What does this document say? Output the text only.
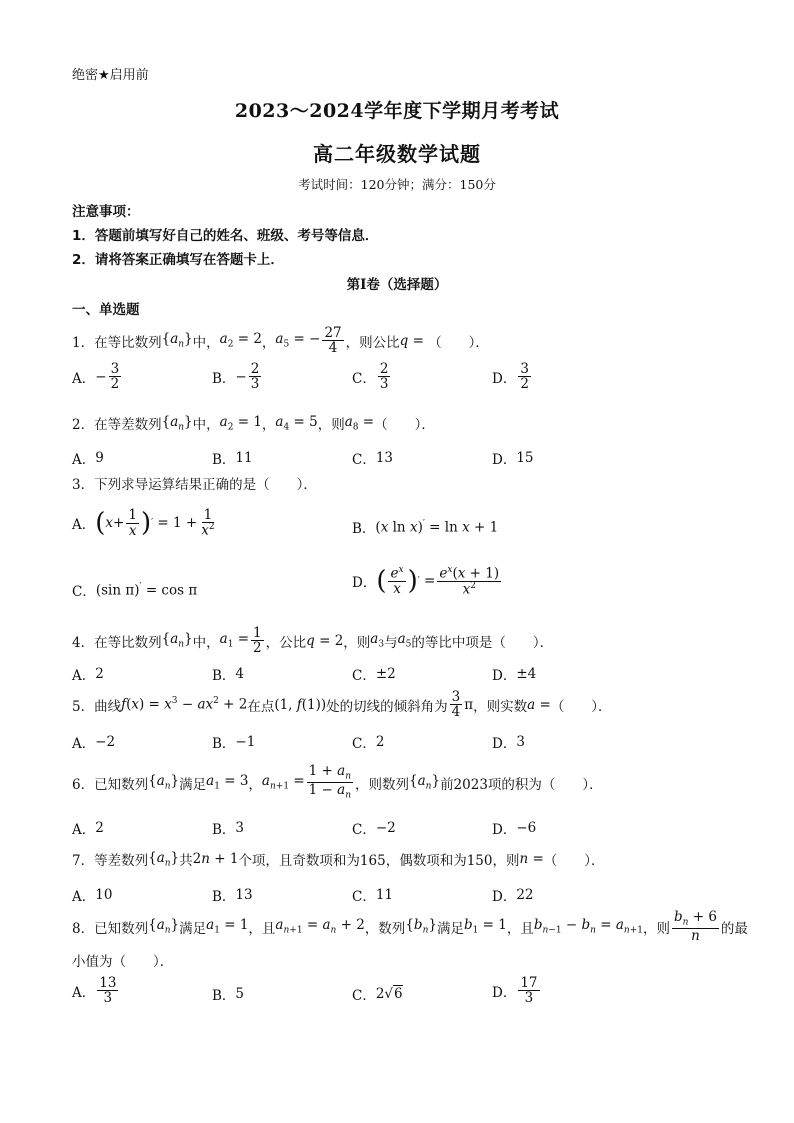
绝密★启用前
2023～2024学年度下学期月考考试
高二年级数学试题
考试时间：120分钟；满分：150分
注意事项：
1．答题前填写好自己的姓名、班级、考号等信息．
2．请将答案正确填写在答题卡上．
第Ⅰ卷（选择题）
一、单选题
1． 在等比数列 $\{a_n\}$ 中， $a_2 = 2$ ， $a_5$ = − $\frac{27}{4}$ ，则公比 q = （　　）．
A． − $\frac{3}{2}$	B． − $\frac{2}{3}$	C． $\frac{2}{3}$	D． $\frac{3}{2}$
2． 在等差数列 $\{a_n\}$ 中， $a_2 = 1$ ， $a_4 = 5$ ，则 $a_8$ = （　　）．
A． 9	B． 11	C． 13	D． 15
3． 下列求导运算结果正确的是（　　）．
A． ( $x + \frac{1}{x}$ ) ′ = $1 + \frac{1}{x^2}$	B． (x ln x)′ = ln x + 1
C． (sin π)′ = cos π	D． ( $\frac{e^x}{x}$ ) ′ = $\frac{e^x(x + 1)}{x^2}$
4． 在等比数列 $\{a_n\}$ 中， $a_1 = \frac{1}{2}$ ，公比 q = 2 ，则 $a_3$ 与 $a_5$ 的等比中项是（　　）．
A． 2	B． 4	C． ±2	D． ±4
5． 曲线 $f(x) = x^3 - ax^2 + 2$ 在点 (1, f(1)) 处的切线的倾斜角为 $\frac{3}{4}$ π ，则实数 a = （　　）．
A． −2	B． −1	C． 2	D． 3
6． 已知数列 $\{a_n\}$ 满足 $a_1 = 3$ ， $a_{n+1} = \frac{1 + a_n}{1 - a_n}$ ，则数列 $\{a_n\}$ 前2023项的积为（　　）．
A． 2	B． 3	C． −2	D． −6
7． 等差数列 $\{a_n\}$ 共 2n + 1 个项，且奇数项和为165，偶数项和为150，则 n = （　　）．
A． 10	B． 13	C． 11	D． 22
8． 已知数列 $\{a_n\}$ 满足 $a_1 = 1$ ，且 $a_{n+1} = a_n + 2$ ，数列 $\{b_n\}$ 满足 $b_1 = 1$ ，且 $b_{n-1} - b_n = a_{n+1}$ ，则 $\frac{b_n + 6}{n}$ 的最
小值为（　　）．
A． $\frac{13}{3}$	B． 5	C． 2√6	D． $\frac{17}{3}$
